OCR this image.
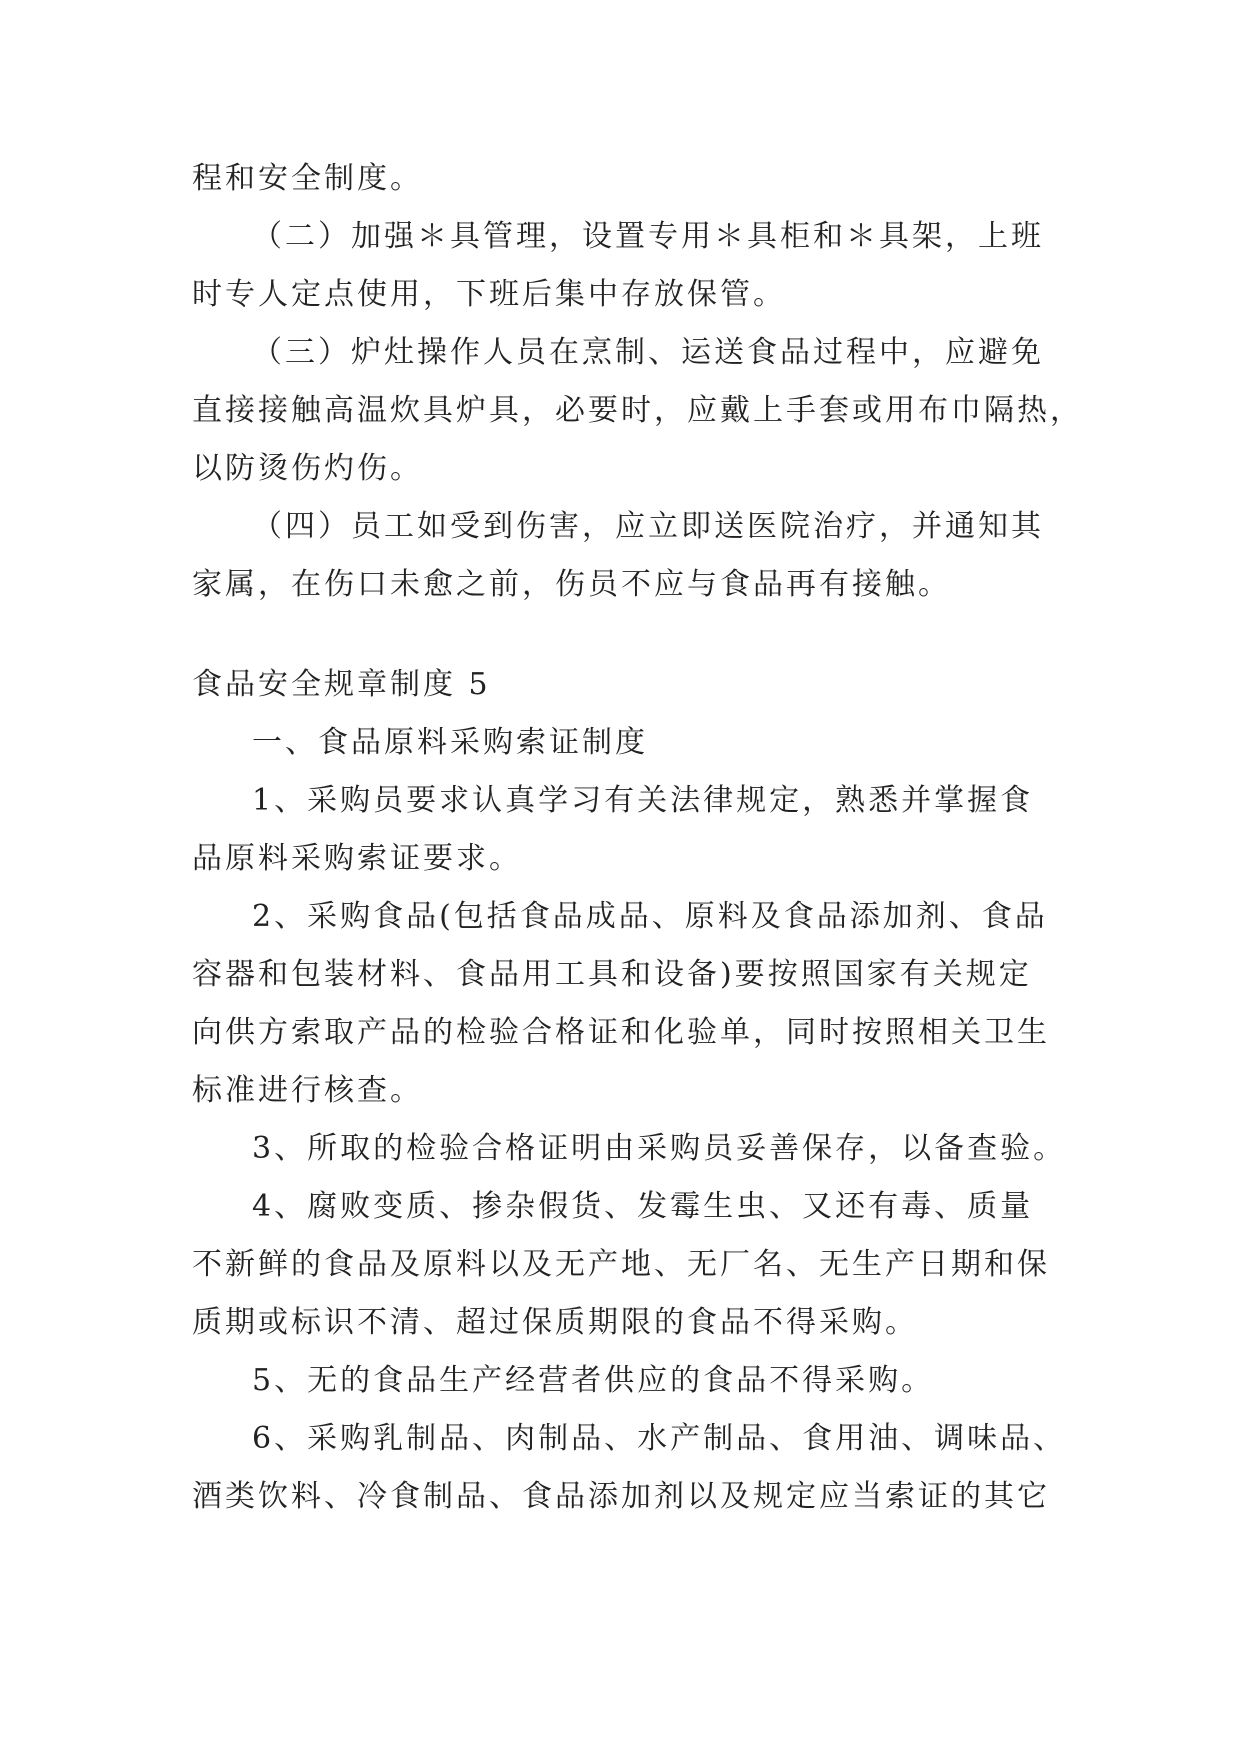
程和安全制度。
（二）加强＊具管理，设置专用＊具柜和＊具架，上班
时专人定点使用，下班后集中存放保管。
（三）炉灶操作人员在烹制、运送食品过程中，应避免
直接接触高温炊具炉具，必要时，应戴上手套或用布巾隔热，
以防烫伤灼伤。
（四）员工如受到伤害，应立即送医院治疗，并通知其
家属，在伤口未愈之前，伤员不应与食品再有接触。
食品安全规章制度 5
一、食品原料采购索证制度
1、采购员要求认真学习有关法律规定，熟悉并掌握食
品原料采购索证要求。
2、采购食品(包括食品成品、原料及食品添加剂、食品
容器和包装材料、食品用工具和设备)要按照国家有关规定
向供方索取产品的检验合格证和化验单，同时按照相关卫生
标准进行核查。
3、所取的检验合格证明由采购员妥善保存，以备查验。
4、腐败变质、掺杂假货、发霉生虫、又还有毒、质量
不新鲜的食品及原料以及无产地、无厂名、无生产日期和保
质期或标识不清、超过保质期限的食品不得采购。
5、无的食品生产经营者供应的食品不得采购。
6、采购乳制品、肉制品、水产制品、食用油、调味品、
酒类饮料、冷食制品、食品添加剂以及规定应当索证的其它
